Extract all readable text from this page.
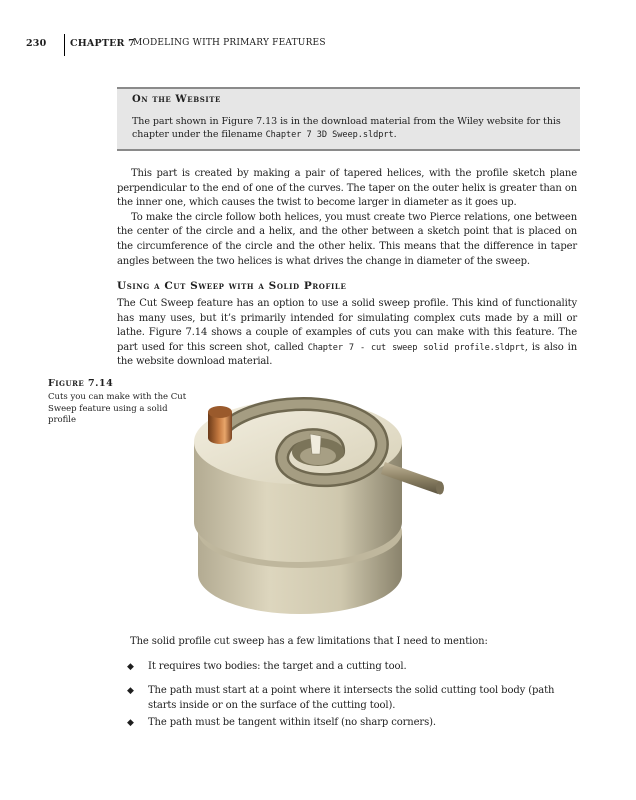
230 CHAPTER 7
MODELING WITH PRIMARY FEATURES
On the Website
The part shown in Figure 7.13 is in the download material from the Wiley website for this chapter under the filename Chapter 7 3D Sweep.sldprt.

This part is created by making a pair of tapered helices, with the profile sketch plane perpendicular to the end of one of the curves. The taper on the outer helix is greater than on the inner one, which causes the twist to become larger in diameter as it goes up.

To make the circle follow both helices, you must create two Pierce relations, one between the center of the circle and a helix, and the other between a sketch point that is placed on the circumference of the circle and the other helix. This means that the difference in taper angles between the two helices is what drives the change in diameter of the sweep.

Using a Cut Sweep with a Solid Profile

The Cut Sweep feature has an option to use a solid sweep profile. This kind of functionality has many uses, but it’s primarily intended for simulating complex cuts made by a mill or lathe. Figure 7.14 shows a couple of examples of cuts you can make with this feature. The part used for this screen shot, called Chapter 7 - cut sweep solid profile.sldprt, is also in the website download material.

Figure 7.14
Cuts you can make with the Cut Sweep feature using a solid profile
The solid profile cut sweep has a few limitations that I need to mention:
◆ It requires two bodies: the target and a cutting tool.
◆ The path must start at a point where it intersects the solid cutting tool body (path starts inside or on the surface of the cutting tool).
◆ The path must be tangent within itself (no sharp corners).
